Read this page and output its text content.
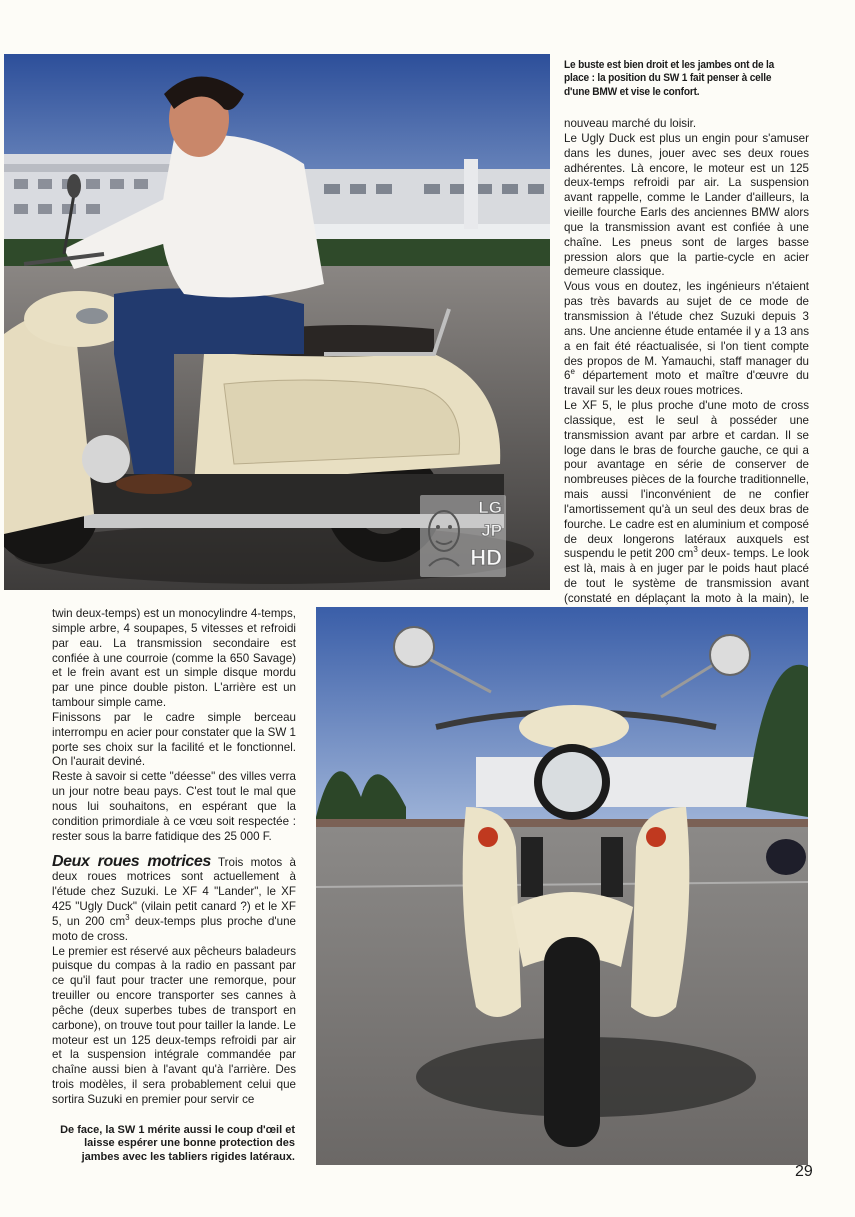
LG
JP
HD
Le buste est bien droit et les jambes ont de la place : la position du SW 1 fait penser à celle d'une BMW et vise le confort.

nouveau marché du loisir.

Le Ugly Duck est plus un engin pour s'amuser dans les dunes, jouer avec ses deux roues adhérentes. Là encore, le moteur est un 125 deux-temps refroidi par air. La suspension avant rappelle, comme le Lander d'ailleurs, la vieille fourche Earls des anciennes BMW alors que la transmission avant est confiée à une chaîne. Les pneus sont de larges basse pression alors que la partie-cycle en acier demeure classique.

Vous vous en doutez, les ingénieurs n'étaient pas très bavards au sujet de ce mode de transmission à l'étude chez Suzuki depuis 3 ans. Une ancienne étude entamée il y a 13 ans a en fait été réactualisée, si l'on tient compte des propos de M. Yamauchi, staff manager du 6e département moto et maître d'œuvre du travail sur les deux roues motrices.

Le XF 5, le plus proche d'une moto de cross classique, est le seul à posséder une transmission avant par arbre et cardan. Il se loge dans le bras de fourche gauche, ce qui a pour avantage en série de conserver de nombreuses pièces de la fourche traditionnelle, mais aussi l'inconvénient de ne confier l'amortissement qu'à un seul des deux bras de fourche. Le cadre est en aluminium et composé de deux longerons latéraux auxquels est suspendu le petit 200 $cm^3$ deux- temps. Le look est là, mais à en juger par le poids haut placé de tout le système de transmission avant (constaté en déplaçant la moto à la main), le

twin deux-temps) est un monocylindre 4-temps, simple arbre, 4 soupapes, 5 vitesses et refroidi par eau. La transmission secondaire est confiée à une courroie (comme la 650 Savage) et le frein avant est un simple disque mordu par une pince double piston. L'arrière est un tambour simple came.

Finissons par le cadre simple berceau interrompu en acier pour constater que la SW 1 porte ses choix sur la facilité et le fonctionnel. On l'aurait deviné.

Reste à savoir si cette "déesse" des villes verra un jour notre beau pays. C'est tout le mal que nous lui souhaitons, en espérant que la condition primordiale à ce vœu soit respectée : rester sous la barre fatidique des 25 000 F.

Deux roues motrices Trois motos à deux roues motrices sont actuellement à l'étude chez Suzuki. Le XF 4 "Lander", le XF 425 "Ugly Duck" (vilain petit canard ?) et le XF 5, un 200 $cm^3$ deux-temps plus proche d'une moto de cross.

Le premier est réservé aux pêcheurs baladeurs puisque du compas à la radio en passant par ce qu'il faut pour tracter une remorque, pour treuiller ou encore transporter ses cannes à pêche (deux superbes tubes de transport en carbone), on trouve tout pour tailler la lande. Le moteur est un 125 deux-temps refroidi par air et la suspension intégrale commandée par chaîne aussi bien à l'avant qu'à l'arrière. Des trois modèles, il sera probablement celui que sortira Suzuki en premier pour servir ce

De face, la SW 1 mérite aussi le coup d'œil et laisse espérer une bonne protection des jambes avec les tabliers rigides latéraux.
29
